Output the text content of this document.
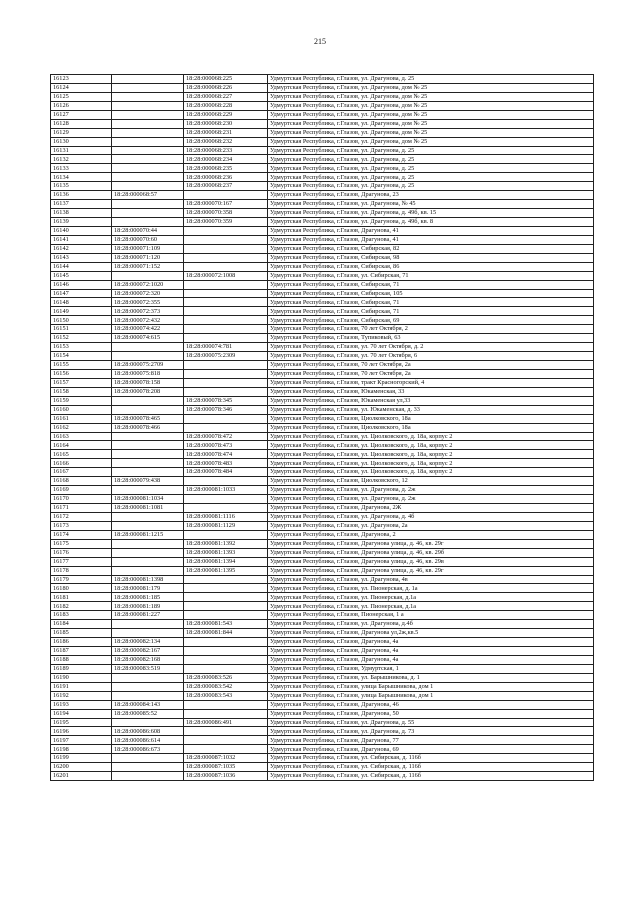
215
16123		18:28:000068:225	Удмуртская Республика, г.Глазов, ул. Драгунова, д. 25
16124		18:28:000068:226	Удмуртская Республика, г.Глазов, ул. Драгунова, дом № 25
16125		18:28:000068:227	Удмуртская Республика, г.Глазов, ул. Драгунова, дом № 25
16126		18:28:000068:228	Удмуртская Республика, г.Глазов, ул. Драгунова, дом № 25
16127		18:28:000068:229	Удмуртская Республика, г.Глазов, ул. Драгунова, дом № 25
16128		18:28:000068:230	Удмуртская Республика, г.Глазов, ул. Драгунова, дом № 25
16129		18:28:000068:231	Удмуртская Республика, г.Глазов, ул. Драгунова, дом № 25
16130		18:28:000068:232	Удмуртская Республика, г.Глазов, ул. Драгунова, дом № 25
16131		18:28:000068:233	Удмуртская Республика, г.Глазов, ул. Драгунова, д. 25
16132		18:28:000068:234	Удмуртская Республика, г.Глазов, ул. Драгунова, д. 25
16133		18:28:000068:235	Удмуртская Республика, г.Глазов, ул. Драгунова, д. 25
16134		18:28:000068:236	Удмуртская Республика, г.Глазов, ул. Драгунова, д. 25
16135		18:28:000068:237	Удмуртская Республика, г.Глазов, ул. Драгунова, д. 25
16136	18:28:000068:57		Удмуртская Республика, г.Глазов, Драгунова, 23
16137		18:28:000070:167	Удмуртская Республика, г.Глазов, ул. Драгунова, № 45
16138		18:28:000070:358	Удмуртская Республика, г.Глазов, ул. Драгунова, д. 49б, кв. 15
16139		18:28:000070:359	Удмуртская Республика, г.Глазов, ул. Драгунова, д. 49б, кв. 8
16140	18:28:000070:44		Удмуртская Республика, г.Глазов, Драгунова, 41
16141	18:28:000070:60		Удмуртская Республика, г.Глазов, Драгунова, 41
16142	18:28:000071:109		Удмуртская Республика, г.Глазов, Сибирская, 82
16143	18:28:000071:120		Удмуртская Республика, г.Глазов, Сибирская, 98
16144	18:28:000071:152		Удмуртская Республика, г.Глазов, Сибирская, 86
16145		18:28:000072:1008	Удмуртская Республика, г.Глазов, ул. Сибирская, 71
16146	18:28:000072:1020		Удмуртская Республика, г.Глазов, Сибирская, 71
16147	18:28:000072:320		Удмуртская Республика, г.Глазов, Сибирская, 105
16148	18:28:000072:355		Удмуртская Республика, г.Глазов, Сибирская, 71
16149	18:28:000072:373		Удмуртская Республика, г.Глазов, Сибирская, 71
16150	18:28:000072:432		Удмуртская Республика, г.Глазов, Сибирская, 69
16151	18:28:000074:422		Удмуртская Республика, г.Глазов, 70 лет Октября, 2
16152	18:28:000074:615		Удмуртская Республика, г.Глазов, Тупиковый, 63
16153		18:28:000074:781	Удмуртская Республика, г.Глазов, ул. 70 лет Октября, д. 2
16154		18:28:000075:2309	Удмуртская Республика, г.Глазов, ул. 70 лет Октября, 6
16155	18:28:000075:2709		Удмуртская Республика, г.Глазов, 70 лет Октября, 2а
16156	18:28:000075:818		Удмуртская Республика, г.Глазов, 70 лет Октября, 2а
16157	18:28:000078:158		Удмуртская Республика, г.Глазов, тракт Красногорский, 4
16158	18:28:000078:208		Удмуртская Республика, г.Глазов, Юкаменская, 33
16159		18:28:000078:345	Удмуртская Республика, г.Глазов, Юкаменская ул,33
16160		18:28:000078:346	Удмуртская Республика, г.Глазов, ул. Юкаменская, д. 33
16161	18:28:000078:465		Удмуртская Республика, г.Глазов, Циолковского, 18а
16162	18:28:000078:466		Удмуртская Республика, г.Глазов, Циолковского, 18а
16163		18:28:000078:472	Удмуртская Республика, г.Глазов, ул. Циолковского, д. 18а, корпус 2
16164		18:28:000078:473	Удмуртская Республика, г.Глазов, ул. Циолковского, д. 18а, корпус 2
16165		18:28:000078:474	Удмуртская Республика, г.Глазов, ул. Циолковского, д. 18а, корпус 2
16166		18:28:000078:483	Удмуртская Республика, г.Глазов, ул. Циолковского, д. 18а, корпус 2
16167		18:28:000078:484	Удмуртская Республика, г.Глазов, ул. Циолковского, д. 18а, корпус 2
16168	18:28:000079:438		Удмуртская Республика, г.Глазов, Циолковского, 12
16169		18:28:000081:1033	Удмуртская Республика, г.Глазов, ул. Драгунова, д. 2ж
16170	18:28:000081:1034		Удмуртская Республика, г.Глазов, ул. Драгунова, д. 2ж
16171	18:28:000081:1081		Удмуртская Республика, г.Глазов, Драгунова, 2Ж
16172		18:28:000081:1116	Удмуртская Республика, г.Глазов, ул. Драгунова, д. 4б
16173		18:28:000081:1129	Удмуртская Республика, г.Глазов, ул. Драгунова, 2а
16174	18:28:000081:1215		Удмуртская Республика, г.Глазов, Драгунова, 2
16175		18:28:000081:1392	Удмуртская Республика, г.Глазов, Драгунова улица, д. 46, кв. 29г
16176		18:28:000081:1393	Удмуртская Республика, г.Глазов, Драгунова улица, д. 46, кв. 29б
16177		18:28:000081:1394	Удмуртская Республика, г.Глазов, Драгунова улица, д. 46, кв. 29в
16178		18:28:000081:1395	Удмуртская Республика, г.Глазов, Драгунова улица, д. 46, кв. 29г
16179	18:28:000081:1398		Удмуртская Республика, г.Глазов, ул. Драгунова, 4в
16180	18:28:000081:179		Удмуртская Республика, г.Глазов, ул. Пионерская, д. 1а
16181	18:28:000081:185		Удмуртская Республика, г.Глазов, ул. Пионерская, д.1а
16182	18:28:000081:189		Удмуртская Республика, г.Глазов, ул. Пионерская, д.1а
16183	18:28:000081:227		Удмуртская Республика, г.Глазов, Пионерская, 1 а
16184		18:28:000081:543	Удмуртская Республика, г.Глазов, ул. Драгунова, д.4б
16185		18:28:000081:844	Удмуртская Республика, г.Глазов, Драгунова ул,2ж,кв.5
16186	18:28:000082:134		Удмуртская Республика, г.Глазов, Драгунова, 4а
16187	18:28:000082:167		Удмуртская Республика, г.Глазов, Драгунова, 4а
16188	18:28:000082:168		Удмуртская Республика, г.Глазов, Драгунова, 4а
16189	18:28:000083:519		Удмуртская Республика, г.Глазов, Удмуртская, 1
16190		18:28:000083:526	Удмуртская Республика, г.Глазов, ул. Барышникова, д. 1
16191		18:28:000083:542	Удмуртская Республика, г.Глазов, улица Барышникова, дом 1
16192		18:28:000083:543	Удмуртская Республика, г.Глазов, улица Барышникова, дом 1
16193	18:28:000084:143		Удмуртская Республика, г.Глазов, Драгунова, 46
16194	18:28:000085:52		Удмуртская Республика, г.Глазов, Драгунова, 50
16195		18:28:000086:491	Удмуртская Республика, г.Глазов, ул. Драгунова, д. 55
16196	18:28:000086:608		Удмуртская Республика, г.Глазов, ул. Драгунова, д. 73
16197	18:28:000086:614		Удмуртская Республика, г.Глазов, Драгунова, 77
16198	18:28:000086:673		Удмуртская Республика, г.Глазов, Драгунова, 69
16199		18:28:000087:1032	Удмуртская Республика, г.Глазов, ул. Сибирская, д. 116б
16200		18:28:000087:1035	Удмуртская Республика, г.Глазов, ул. Сибирская, д. 116б
16201		18:28:000087:1036	Удмуртская Республика, г.Глазов, ул. Сибирская, д. 116б
